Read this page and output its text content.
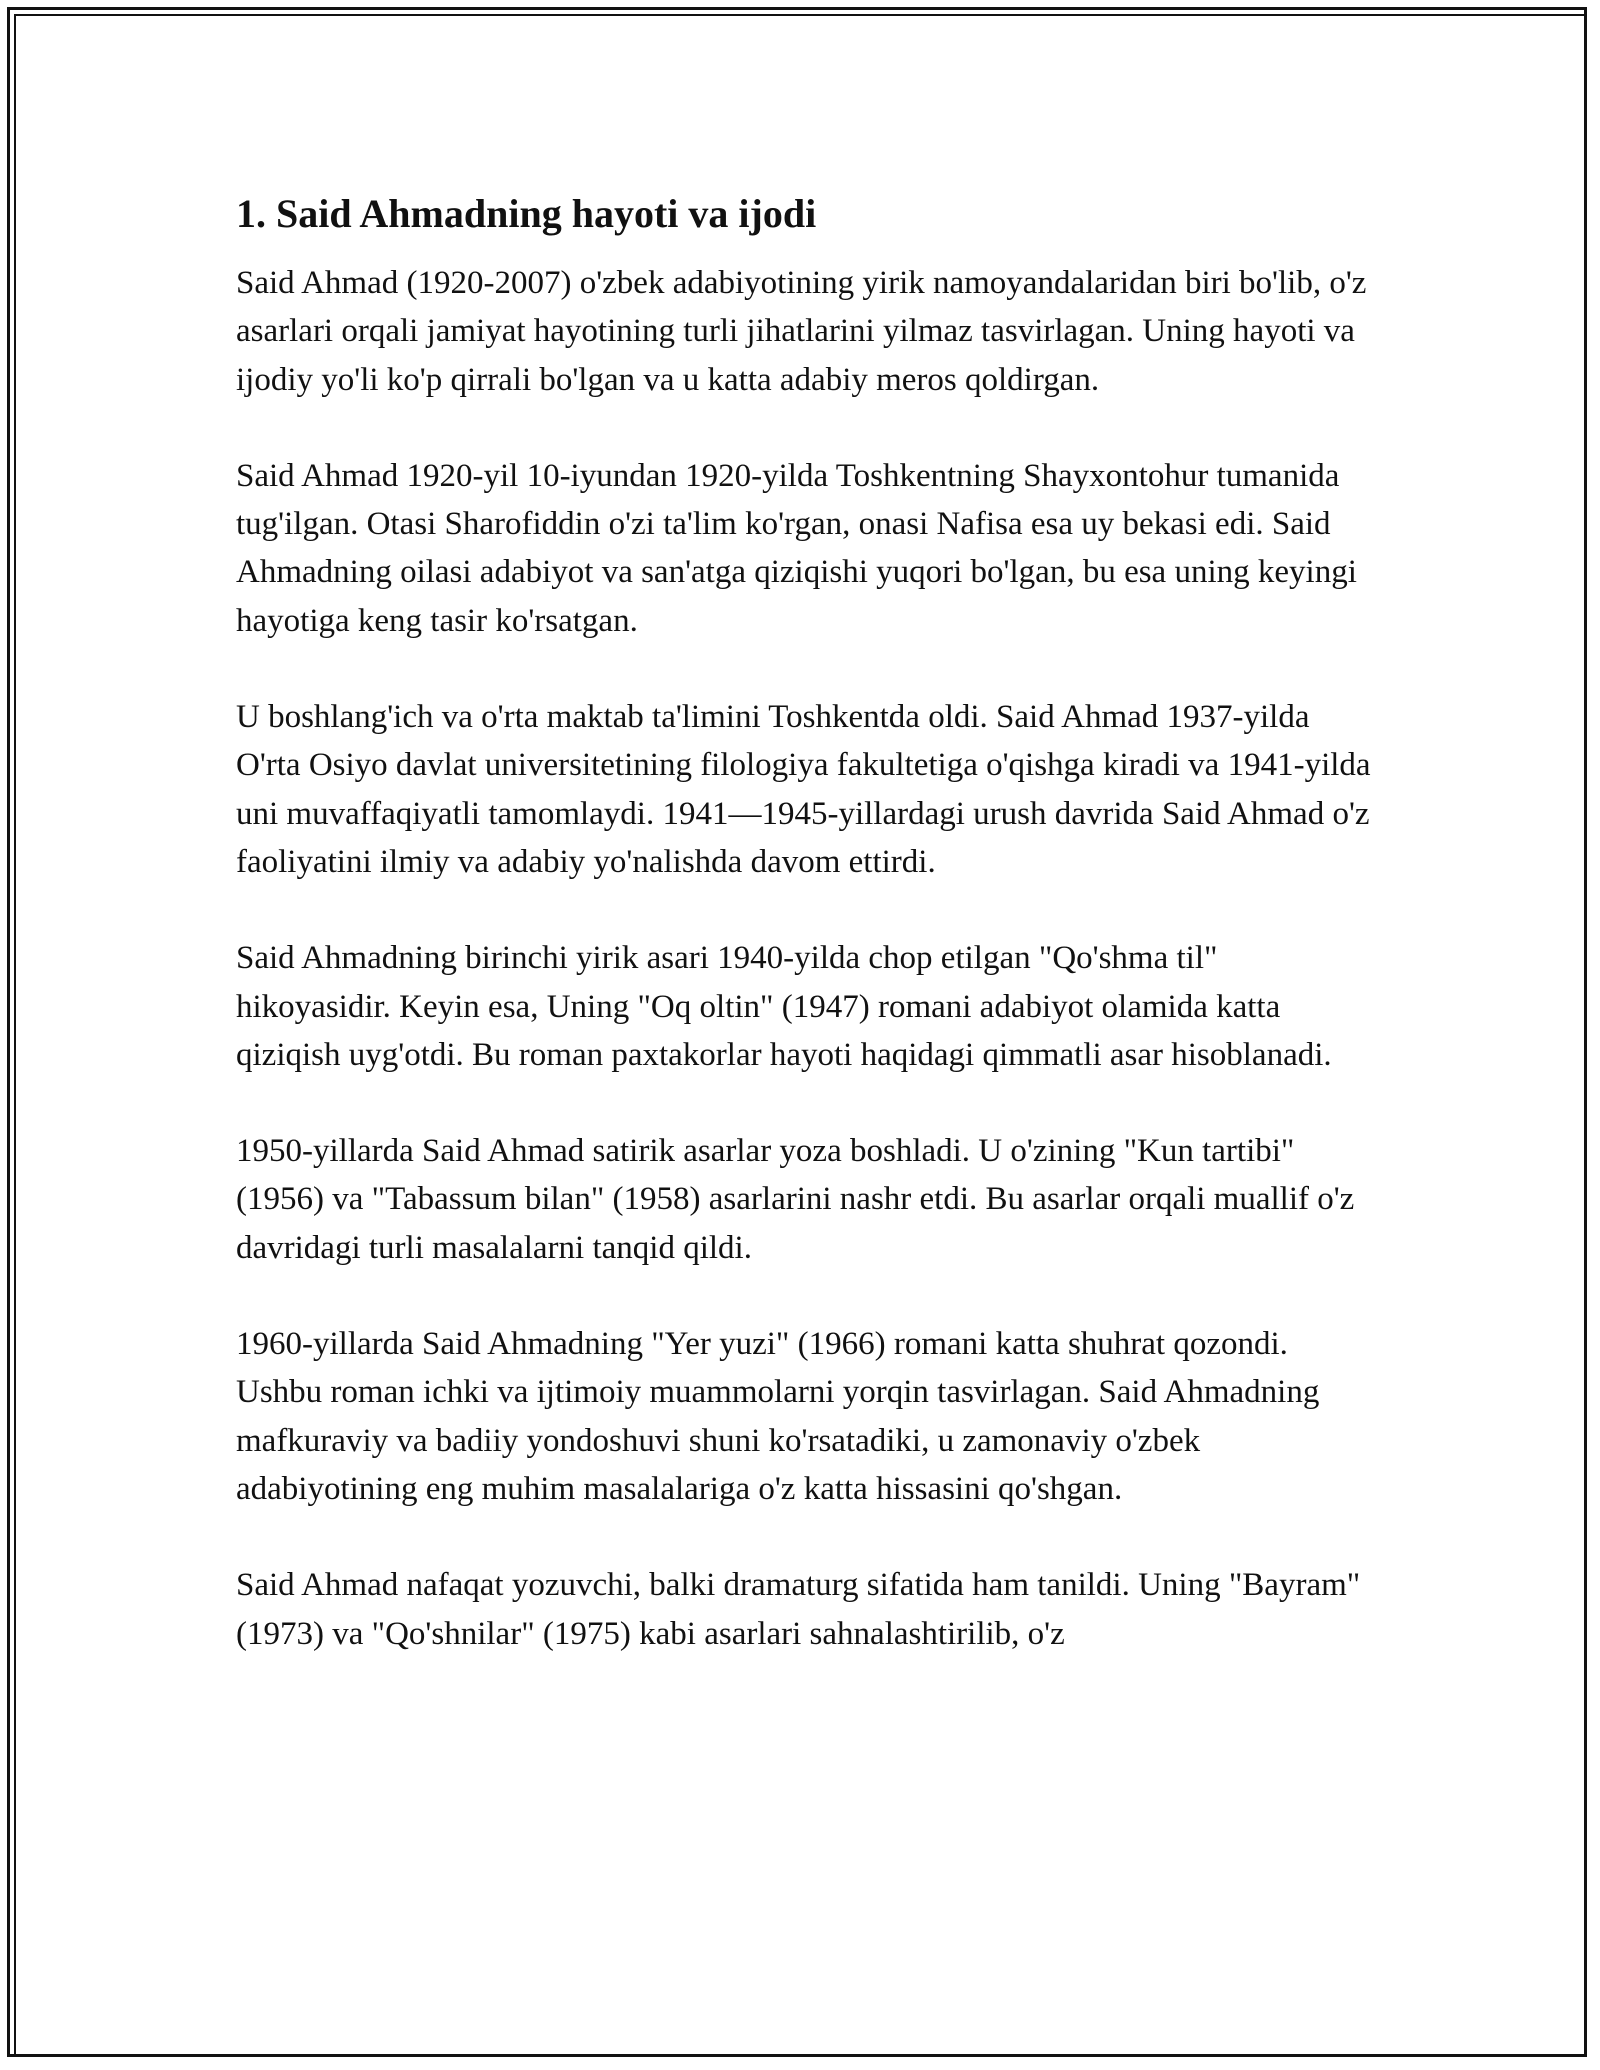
1. Said Ahmadning hayoti va ijodi

Said Ahmad (1920-2007) o'zbek adabiyotining yirik namoyandalaridan biri bo'lib, o'z asarlari orqali jamiyat hayotining turli jihatlarini yilmaz tasvirlagan. Uning hayoti va ijodiy yo'li ko'p qirrali bo'lgan va u katta adabiy meros qoldirgan.

Said Ahmad 1920-yil 10-iyundan 1920-yilda Toshkentning Shayxontohur tumanida tug'ilgan. Otasi Sharofiddin o'zi ta'lim ko'rgan, onasi Nafisa esa uy bekasi edi. Said Ahmadning oilasi adabiyot va san'atga qiziqishi yuqori bo'lgan, bu esa uning keyingi hayotiga keng tasir ko'rsatgan.

U boshlang'ich va o'rta maktab ta'limini Toshkentda oldi. Said Ahmad 1937-yilda O'rta Osiyo davlat universitetining filologiya fakultetiga o'qishga kiradi va 1941-yilda uni muvaffaqiyatli tamomlaydi. 1941—1945-yillardagi urush davrida Said Ahmad o'z faoliyatini ilmiy va adabiy yo'nalishda davom ettirdi.

Said Ahmadning birinchi yirik asari 1940-yilda chop etilgan "Qo'shma til" hikoyasidir. Keyin esa, Uning "Oq oltin" (1947) romani adabiyot olamida katta qiziqish uyg'otdi. Bu roman paxtakorlar hayoti haqidagi qimmatli asar hisoblanadi.

1950-yillarda Said Ahmad satirik asarlar yoza boshladi. U o'zining "Kun tartibi" (1956) va "Tabassum bilan" (1958) asarlarini nashr etdi. Bu asarlar orqali muallif o'z davridagi turli masalalarni tanqid qildi.

1960-yillarda Said Ahmadning "Yer yuzi" (1966) romani katta shuhrat qozondi. Ushbu roman ichki va ijtimoiy muammolarni yorqin tasvirlagan. Said Ahmadning mafkuraviy va badiiy yondoshuvi shuni ko'rsatadiki, u zamonaviy o'zbek adabiyotining eng muhim masalalariga o'z katta hissasini qo'shgan.

Said Ahmad nafaqat yozuvchi, balki dramaturg sifatida ham tanildi. Uning "Bayram" (1973) va "Qo'shnilar" (1975) kabi asarlari sahnalashtirilib, o'z
